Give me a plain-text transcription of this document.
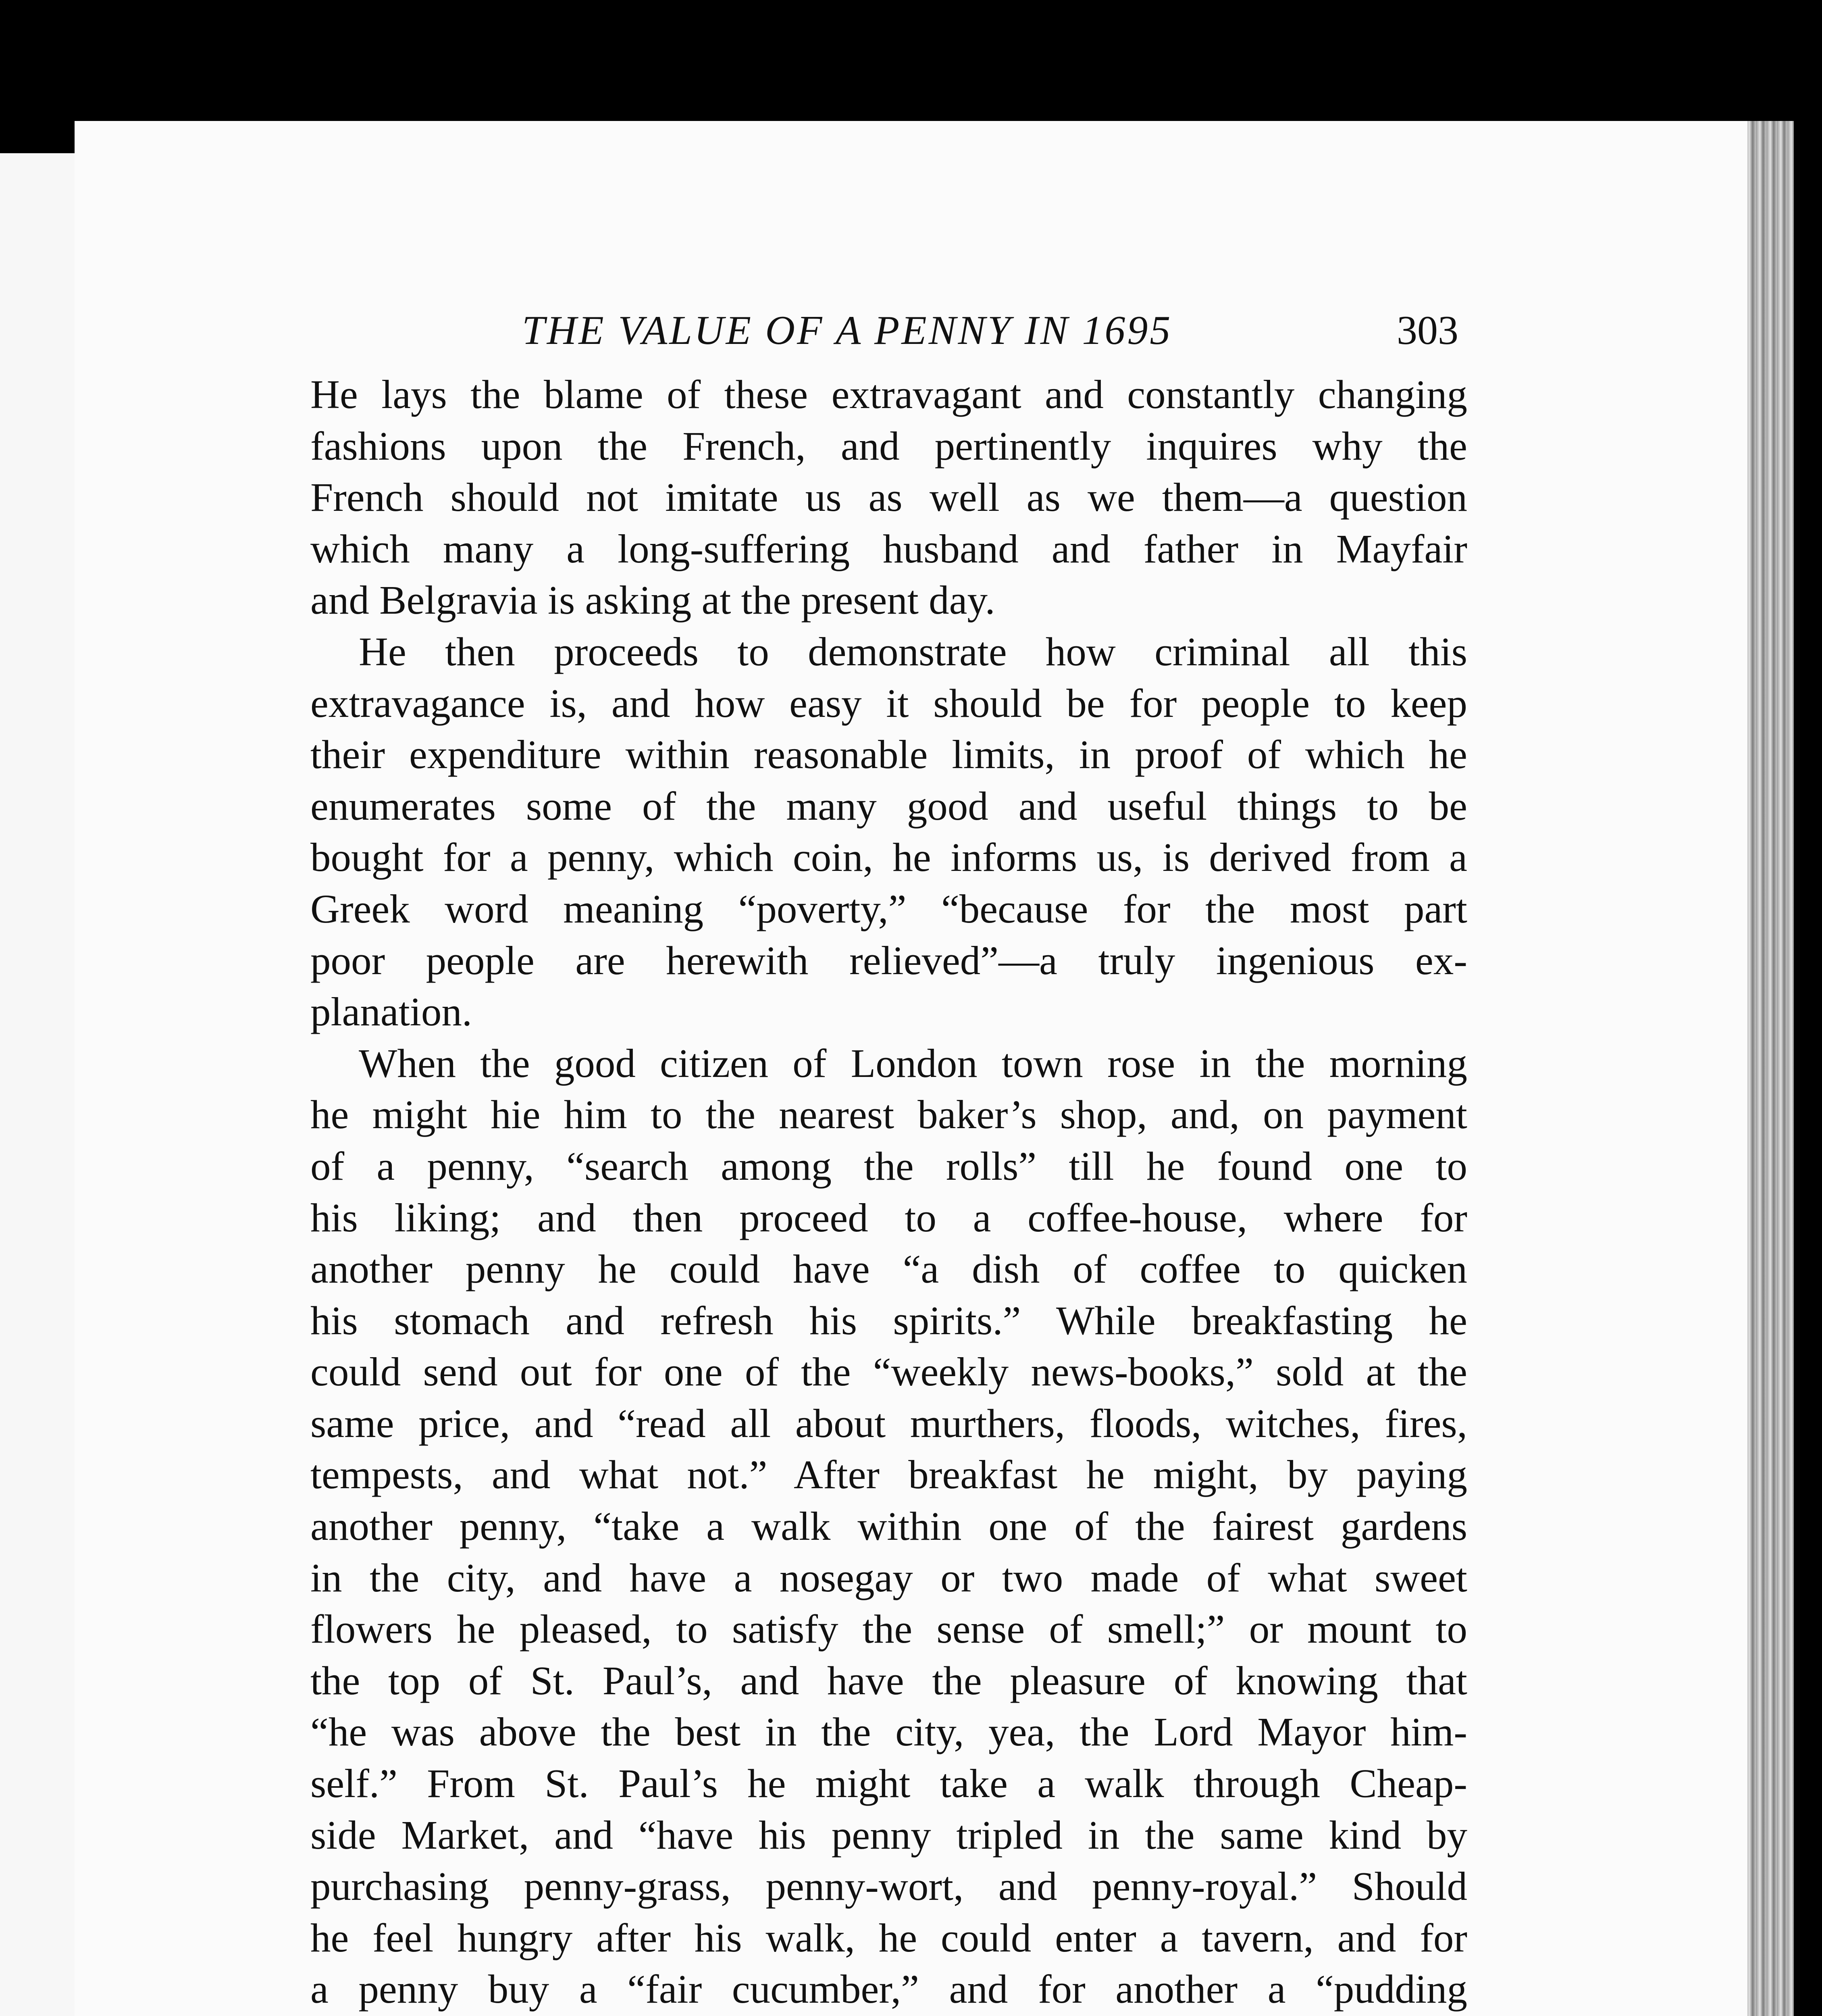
THE VALUE OF A PENNY IN 1695	303
He lays the blame of these extravagant and constantly changing
fashions upon the French, and pertinently inquires why the
French should not imitate us as well as we them—a question
which many a long-suffering husband and father in Mayfair
and Belgravia is asking at the present day.
He then proceeds to demonstrate how criminal all this
extravagance is, and how easy it should be for people to keep
their expenditure within reasonable limits, in proof of which he
enumerates some of the many good and useful things to be
bought for a penny, which coin, he informs us, is derived from a
Greek word meaning “poverty,” “because for the most part
poor people are herewith relieved”—a truly ingenious ex-
planation.
When the good citizen of London town rose in the morning
he might hie him to the nearest baker’s shop, and, on payment
of a penny, “search among the rolls” till he found one to
his liking; and then proceed to a coffee-house, where for
another penny he could have “a dish of coffee to quicken
his stomach and refresh his spirits.” While breakfasting he
could send out for one of the “weekly news-books,” sold at the
same price, and “read all about murthers, floods, witches, fires,
tempests, and what not.” After breakfast he might, by paying
another penny, “take a walk within one of the fairest gardens
in the city, and have a nosegay or two made of what sweet
flowers he pleased, to satisfy the sense of smell;” or mount to
the top of St. Paul’s, and have the pleasure of knowing that
“he was above the best in the city, yea, the Lord Mayor him-
self.” From St. Paul’s he might take a walk through Cheap-
side Market, and “have his penny tripled in the same kind by
purchasing penny-grass, penny-wort, and penny-royal.” Should
he feel hungry after his walk, he could enter a tavern, and for
a penny buy a “fair cucumber,” and for another a “pudding
